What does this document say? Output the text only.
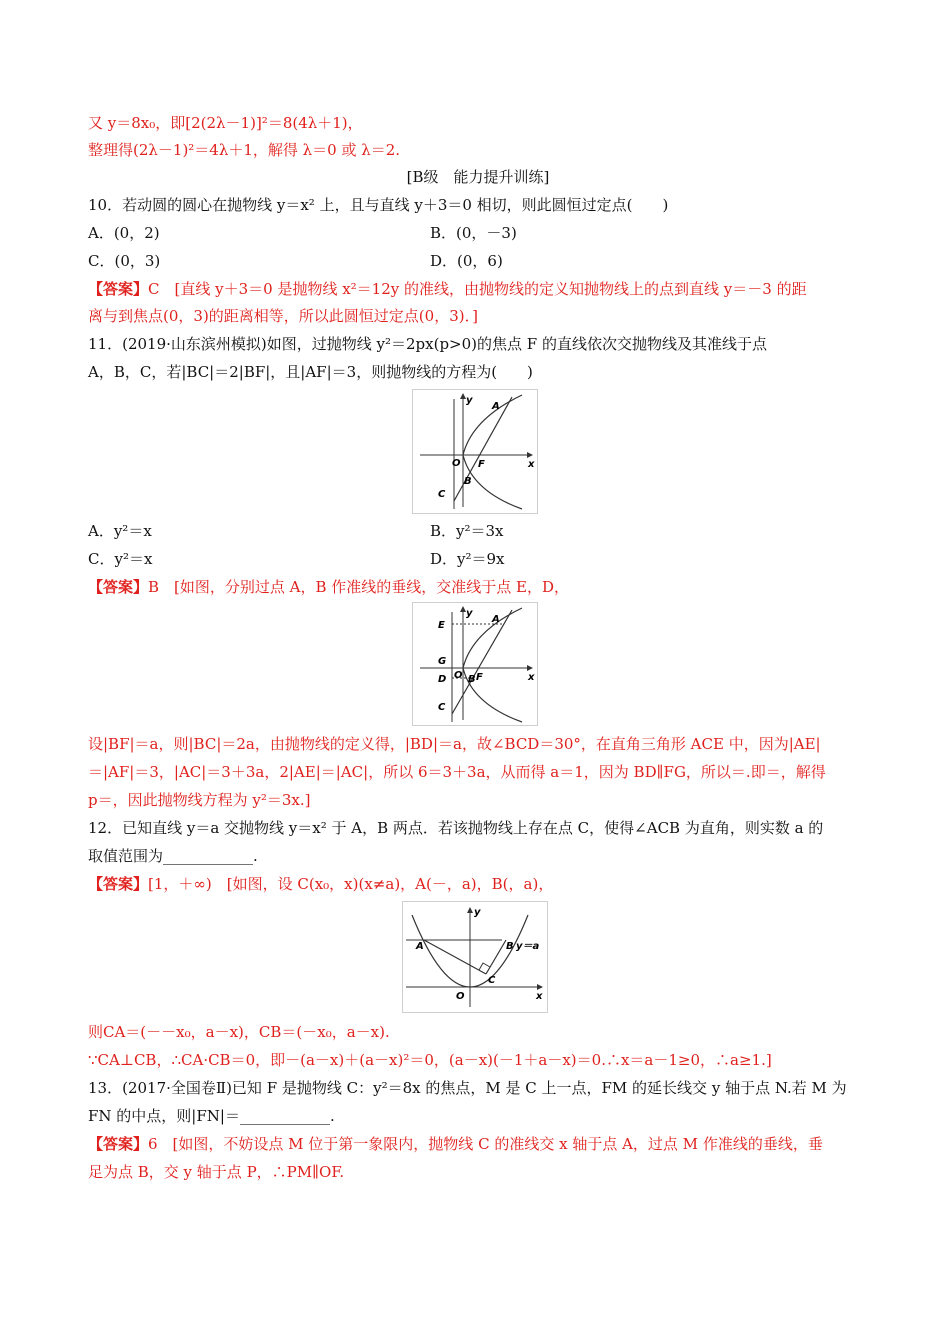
又 y＝8x₀，即[2(2λ－1)]²＝8(4λ＋1)，
整理得(2λ－1)²＝4λ＋1，解得 λ＝0 或 λ＝2.
[B级　能力提升训练]
10．若动圆的圆心在抛物线 y＝x² 上，且与直线 y＋3＝0 相切，则此圆恒过定点(　　)
A．(0，2)	B．(0，－3)
C．(0，3)	D．(0，6)
【答案】C　[直线 y＋3＝0 是抛物线 x²＝12y 的准线，由抛物线的定义知抛物线上的点到直线 y＝－3 的距
离与到焦点(0，3)的距离相等，所以此圆恒过定点(0，3)．]
11．(2019·山东滨州模拟)如图，过抛物线 y²＝2px(p>0)的焦点 F 的直线依次交抛物线及其准线于点
A，B，C，若|BC|＝2|BF|，且|AF|＝3，则抛物线的方程为(　　)
y
x
A
O F
B
C
A．y²＝x	B．y²＝3x
C．y²＝x	D．y²＝9x
【答案】B　[如图，分别过点 A，B 作准线的垂线，交准线于点 E，D，
y
x
A
E
G
D O B F
C
设|BF|＝a，则|BC|＝2a，由抛物线的定义得，|BD|＝a，故∠BCD＝30°，在直角三角形 ACE 中，因为|AE|
＝|AF|＝3，|AC|＝3＋3a，2|AE|＝|AC|，所以 6＝3＋3a，从而得 a＝1，因为 BD∥FG，所以＝.即＝，解得
p＝，因此抛物线方程为 y²＝3x.]
12．已知直线 y＝a 交抛物线 y＝x² 于 A，B 两点．若该抛物线上存在点 C，使得∠ACB 为直角，则实数 a 的
取值范围为____________.
【答案】[1，＋∞)　[如图，设 C(x₀，x)(x≠a)，A(－，a)，B(，a)，
y
x
A	B y＝a
C
O
则CA＝(－－x₀，a－x)，CB＝(－x₀，a－x).
∵CA⊥CB，∴CA·CB＝0，即－(a－x)＋(a－x)²＝0，(a－x)(－1＋a－x)＝0.∴x＝a－1≥0，∴a≥1.]
13．(2017·全国卷Ⅱ)已知 F 是抛物线 C：y²＝8x 的焦点，M 是 C 上一点，FM 的延长线交 y 轴于点 N.若 M 为
FN 的中点，则|FN|＝____________.
【答案】6　[如图，不妨设点 M 位于第一象限内，抛物线 C 的准线交 x 轴于点 A，过点 M 作准线的垂线，垂
足为点 B，交 y 轴于点 P，∴PM∥OF.
